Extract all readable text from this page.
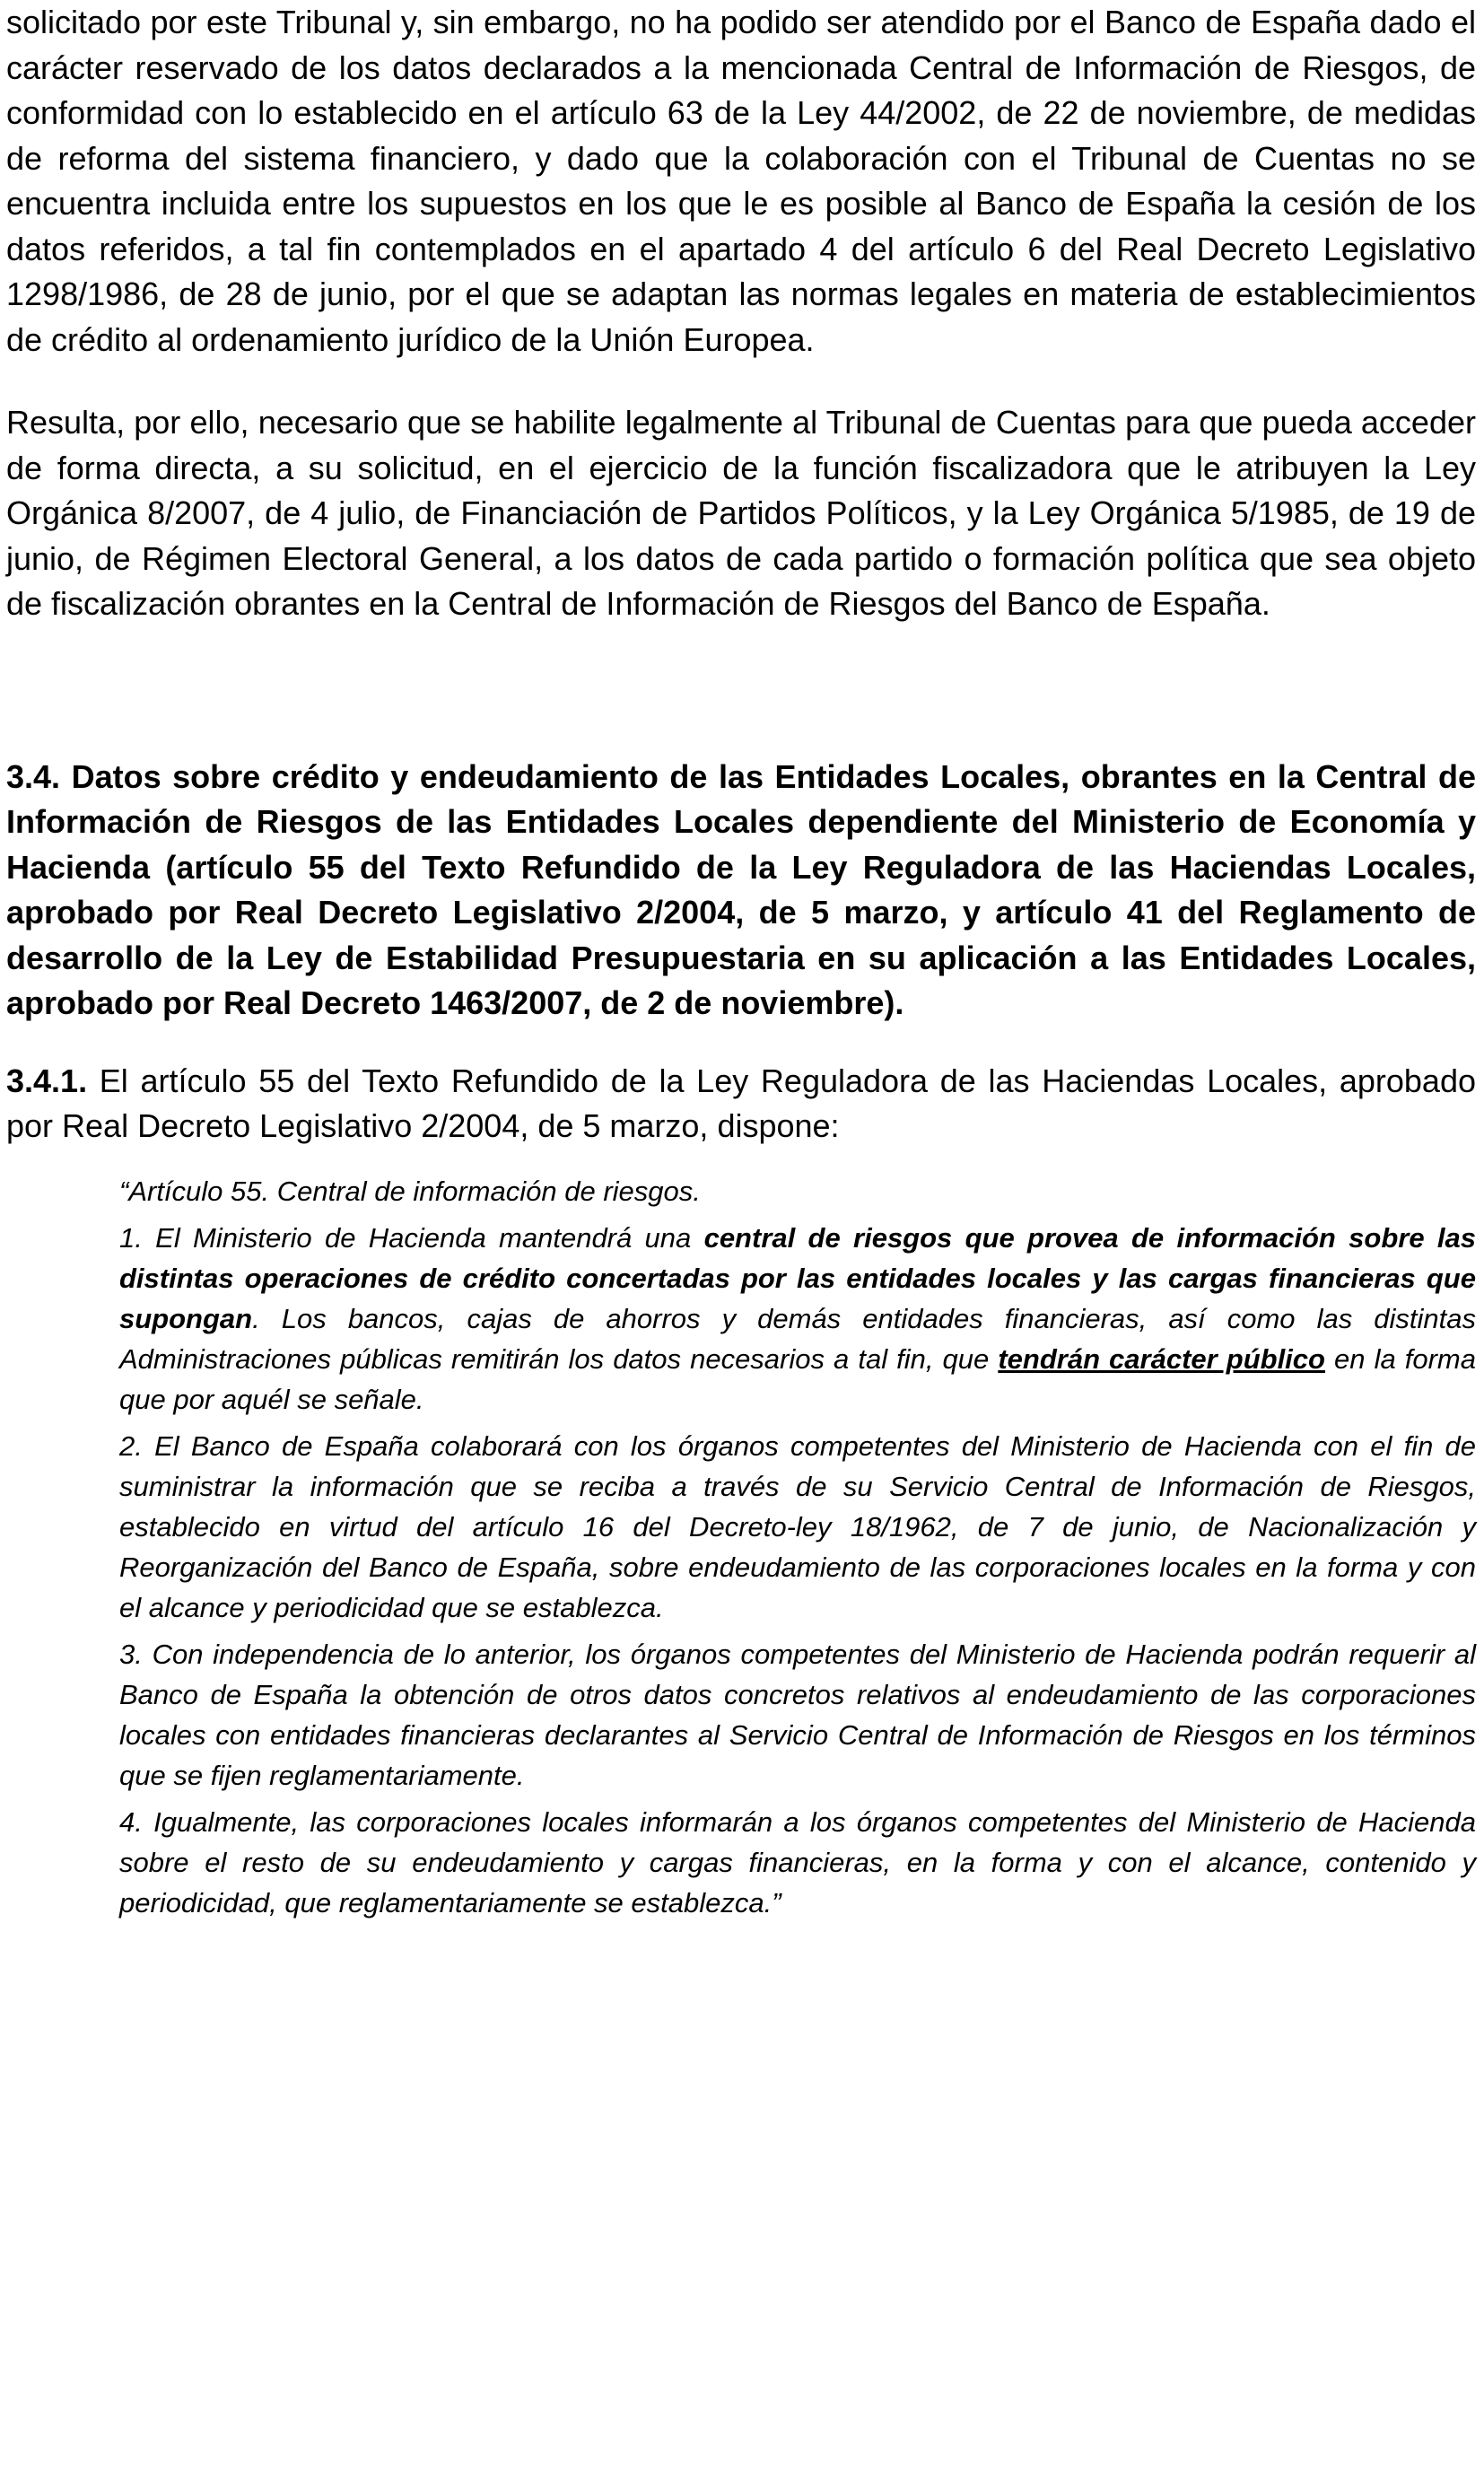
solicitado por este Tribunal y, sin embargo, no ha podido ser atendido por el Banco de España dado el carácter reservado de los datos declarados a la mencionada Central de Información de Riesgos, de conformidad con lo establecido en el artículo 63 de la Ley 44/2002, de 22 de noviembre, de medidas de reforma del sistema financiero, y dado que la colaboración con el Tribunal de Cuentas no se encuentra incluida entre los supuestos en los que le es posible al Banco de España la cesión de los datos referidos, a tal fin contemplados en el apartado 4 del artículo 6 del Real Decreto Legislativo 1298/1986, de 28 de junio, por el que se adaptan las normas legales en materia de establecimientos de crédito al ordenamiento jurídico de la Unión Europea.

Resulta, por ello, necesario que se habilite legalmente al Tribunal de Cuentas para que pueda acceder de forma directa, a su solicitud, en el ejercicio de la función fiscalizadora que le atribuyen la Ley Orgánica 8/2007, de 4 julio, de Financiación de Partidos Políticos, y la Ley Orgánica 5/1985, de 19 de junio, de Régimen Electoral General, a los datos de cada partido o formación política que sea objeto de fiscalización obrantes en la Central de Información de Riesgos del Banco de España.

3.4. Datos sobre crédito y endeudamiento de las Entidades Locales, obrantes en la Central de Información de Riesgos de las Entidades Locales dependiente del Ministerio de Economía y Hacienda (artículo 55 del Texto Refundido de la Ley Reguladora de las Haciendas Locales, aprobado por Real Decreto Legislativo 2/2004, de 5 marzo, y artículo 41 del Reglamento de desarrollo de la Ley de Estabilidad Presupuestaria en su aplicación a las Entidades Locales, aprobado por Real Decreto 1463/2007, de 2 de noviembre).

3.4.1. El artículo 55 del Texto Refundido de la Ley Reguladora de las Haciendas Locales, aprobado por Real Decreto Legislativo 2/2004, de 5 marzo, dispone:

“Artículo 55. Central de información de riesgos.

1. El Ministerio de Hacienda mantendrá una central de riesgos que provea de información sobre las distintas operaciones de crédito concertadas por las entidades locales y las cargas financieras que supongan. Los bancos, cajas de ahorros y demás entidades financieras, así como las distintas Administraciones públicas remitirán los datos necesarios a tal fin, que tendrán carácter público en la forma que por aquél se señale.

2. El Banco de España colaborará con los órganos competentes del Ministerio de Hacienda con el fin de suministrar la información que se reciba a través de su Servicio Central de Información de Riesgos, establecido en virtud del artículo 16 del Decreto-ley 18/1962, de 7 de junio, de Nacionalización y Reorganización del Banco de España, sobre endeudamiento de las corporaciones locales en la forma y con el alcance y periodicidad que se establezca.

3. Con independencia de lo anterior, los órganos competentes del Ministerio de Hacienda podrán requerir al Banco de España la obtención de otros datos concretos relativos al endeudamiento de las corporaciones locales con entidades financieras declarantes al Servicio Central de Información de Riesgos en los términos que se fijen reglamentariamente.

4. Igualmente, las corporaciones locales informarán a los órganos competentes del Ministerio de Hacienda sobre el resto de su endeudamiento y cargas financieras, en la forma y con el alcance, contenido y periodicidad, que reglamentariamente se establezca.”
